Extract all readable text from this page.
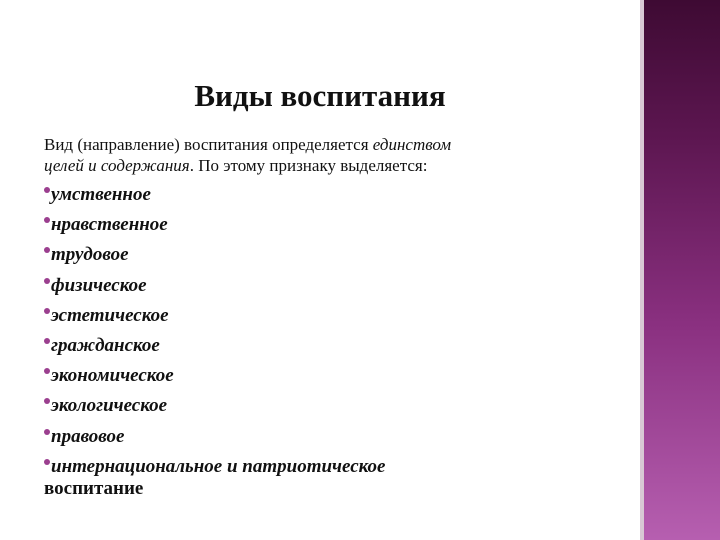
Виды воспитания
Вид (направление) воспитания определяется единством
целей и содержания. По этому признаку выделяется:
умственное
нравственное
трудовое
физическое
эстетическое
гражданское
экономическое
экологическое
правовое
интернациональное и патриотическое
воспитание
